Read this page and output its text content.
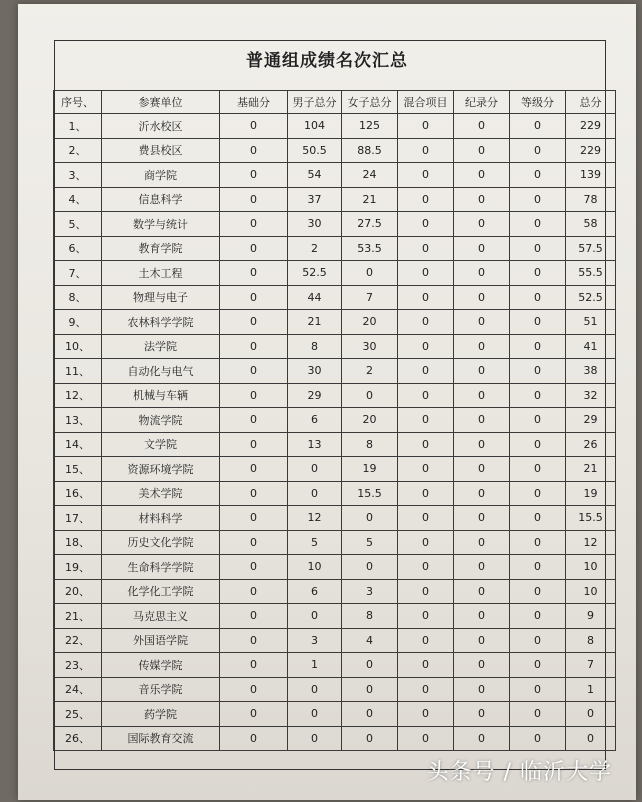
普通组成绩名次汇总
序号、	参赛单位	基础分	男子总分	女子总分	混合项目	纪录分	等级分	总分
1、	沂水校区	0	104	125	0	0	0	229
2、	费县校区	0	50.5	88.5	0	0	0	229
3、	商学院	0	54	24	0	0	0	139
4、	信息科学	0	37	21	0	0	0	78
5、	数学与统计	0	30	27.5	0	0	0	58
6、	教育学院	0	2	53.5	0	0	0	57.5
7、	土木工程	0	52.5	0	0	0	0	55.5
8、	物理与电子	0	44	7	0	0	0	52.5
9、	农林科学学院	0	21	20	0	0	0	51
10、	法学院	0	8	30	0	0	0	41
11、	自动化与电气	0	30	2	0	0	0	38
12、	机械与车辆	0	29	0	0	0	0	32
13、	物流学院	0	6	20	0	0	0	29
14、	文学院	0	13	8	0	0	0	26
15、	资源环境学院	0	0	19	0	0	0	21
16、	美术学院	0	0	15.5	0	0	0	19
17、	材料科学	0	12	0	0	0	0	15.5
18、	历史文化学院	0	5	5	0	0	0	12
19、	生命科学学院	0	10	0	0	0	0	10
20、	化学化工学院	0	6	3	0	0	0	10
21、	马克思主义	0	0	8	0	0	0	9
22、	外国语学院	0	3	4	0	0	0	8
23、	传媒学院	0	1	0	0	0	0	7
24、	音乐学院	0	0	0	0	0	0	1
25、	药学院	0	0	0	0	0	0	0
26、	国际教育交流	0	0	0	0	0	0	0
头条号 / 临沂大学
